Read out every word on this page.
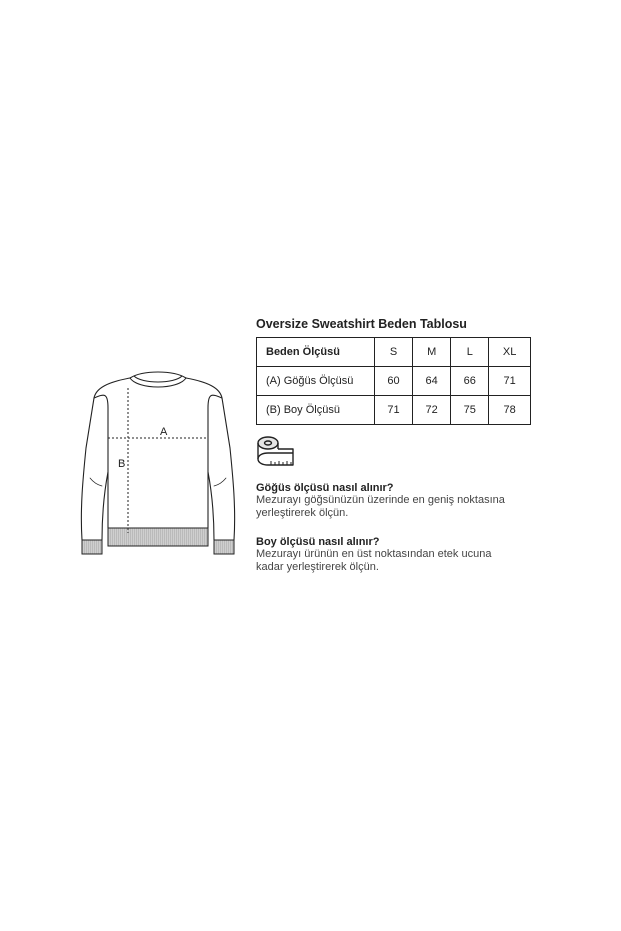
A
B
Oversize Sweatshirt Beden Tablosu
Beden Ölçüsü	S	M	L	XL
(A) Göğüs Ölçüsü	60	64	66	71
(B) Boy Ölçüsü	71	72	75	78
Göğüs ölçüsü nasıl alınır?
Mezurayı göğsünüzün üzerinde en geniş noktasına
yerleştirerek ölçün.
Boy ölçüsü nasıl alınır?
Mezurayı ürünün en üst noktasından etek ucuna
kadar yerleştirerek ölçün.
